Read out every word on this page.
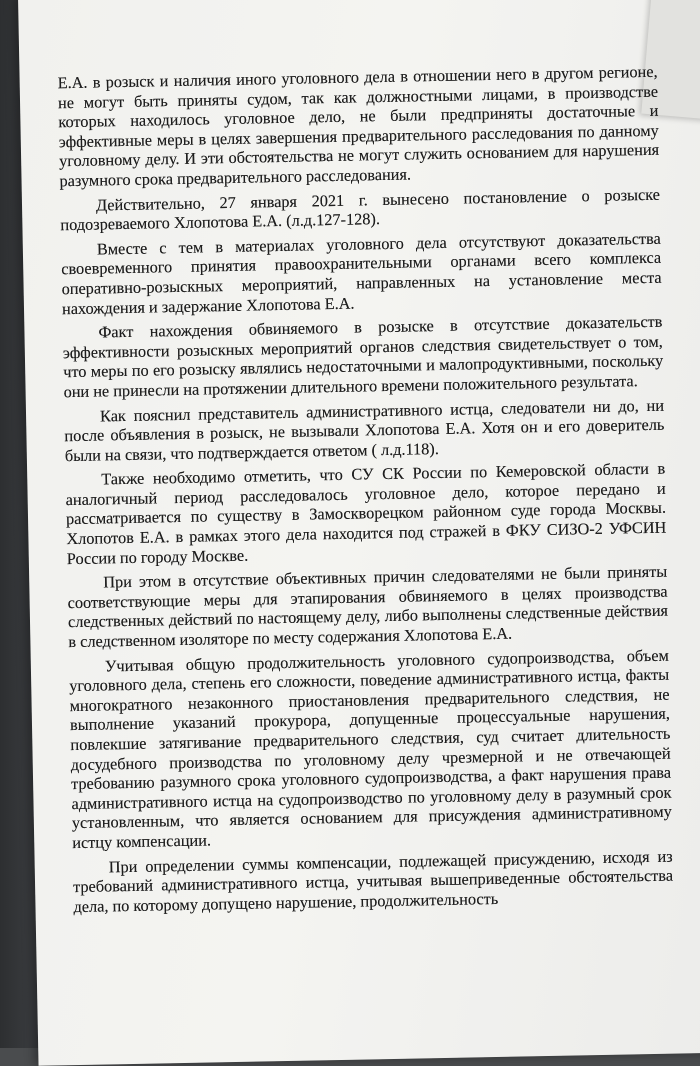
Е.А. в розыск и наличия иного уголовного дела в отношении него в другом регионе, не могут быть приняты судом, так как должностными лицами, в производстве которых находилось уголовное дело, не были предприняты достаточные и эффективные меры в целях завершения предварительного расследования по данному уголовному делу. И эти обстоятельства не могут служить основанием для нарушения разумного срока предварительного расследования.

Действительно, 27 января 2021 г. вынесено постановление о розыске подозреваемого Хлопотова Е.А. (л.д.127-128).

Вместе с тем в материалах уголовного дела отсутствуют доказательства своевременного принятия правоохранительными органами всего комплекса оперативно-розыскных мероприятий, направленных на установление места нахождения и задержание Хлопотова Е.А.

Факт нахождения обвиняемого в розыске в отсутствие доказательств эффективности розыскных мероприятий органов следствия свидетельствует о том, что меры по его розыску являлись недостаточными и малопродуктивными, поскольку они не принесли на протяжении длительного времени положительного результата.

Как пояснил представитель административного истца, следователи ни до, ни после объявления в розыск, не вызывали Хлопотова Е.А. Хотя он и его доверитель были на связи, что подтверждается ответом ( л.д.118).

Также необходимо отметить, что СУ СК России по Кемеровской области в аналогичный период расследовалось уголовное дело, которое передано и рассматривается по существу в Замоскворецком районном суде города Москвы. Хлопотов Е.А. в рамках этого дела находится под стражей в ФКУ СИЗО-2 УФСИН России по городу Москве.

При этом в отсутствие объективных причин следователями не были приняты соответствующие меры для этапирования обвиняемого в целях производства следственных действий по настоящему делу, либо выполнены следственные действия в следственном изоляторе по месту содержания Хлопотова Е.А.

Учитывая общую продолжительность уголовного судопроизводства, объем уголовного дела, степень его сложности, поведение административного истца, факты многократного незаконного приостановления предварительного следствия, не выполнение указаний прокурора, допущенные процессуальные нарушения, повлекшие затягивание предварительного следствия, суд считает длительность досудебного производства по уголовному делу чрезмерной и не отвечающей требованию разумного срока уголовного судопроизводства, а факт нарушения права административного истца на судопроизводство по уголовному делу в разумный срок установленным, что является основанием для присуждения административному истцу компенсации.

При определении суммы компенсации, подлежащей присуждению, исходя из требований административного истца, учитывая вышеприведенные обстоятельства дела, по которому допущено нарушение, продолжительность
